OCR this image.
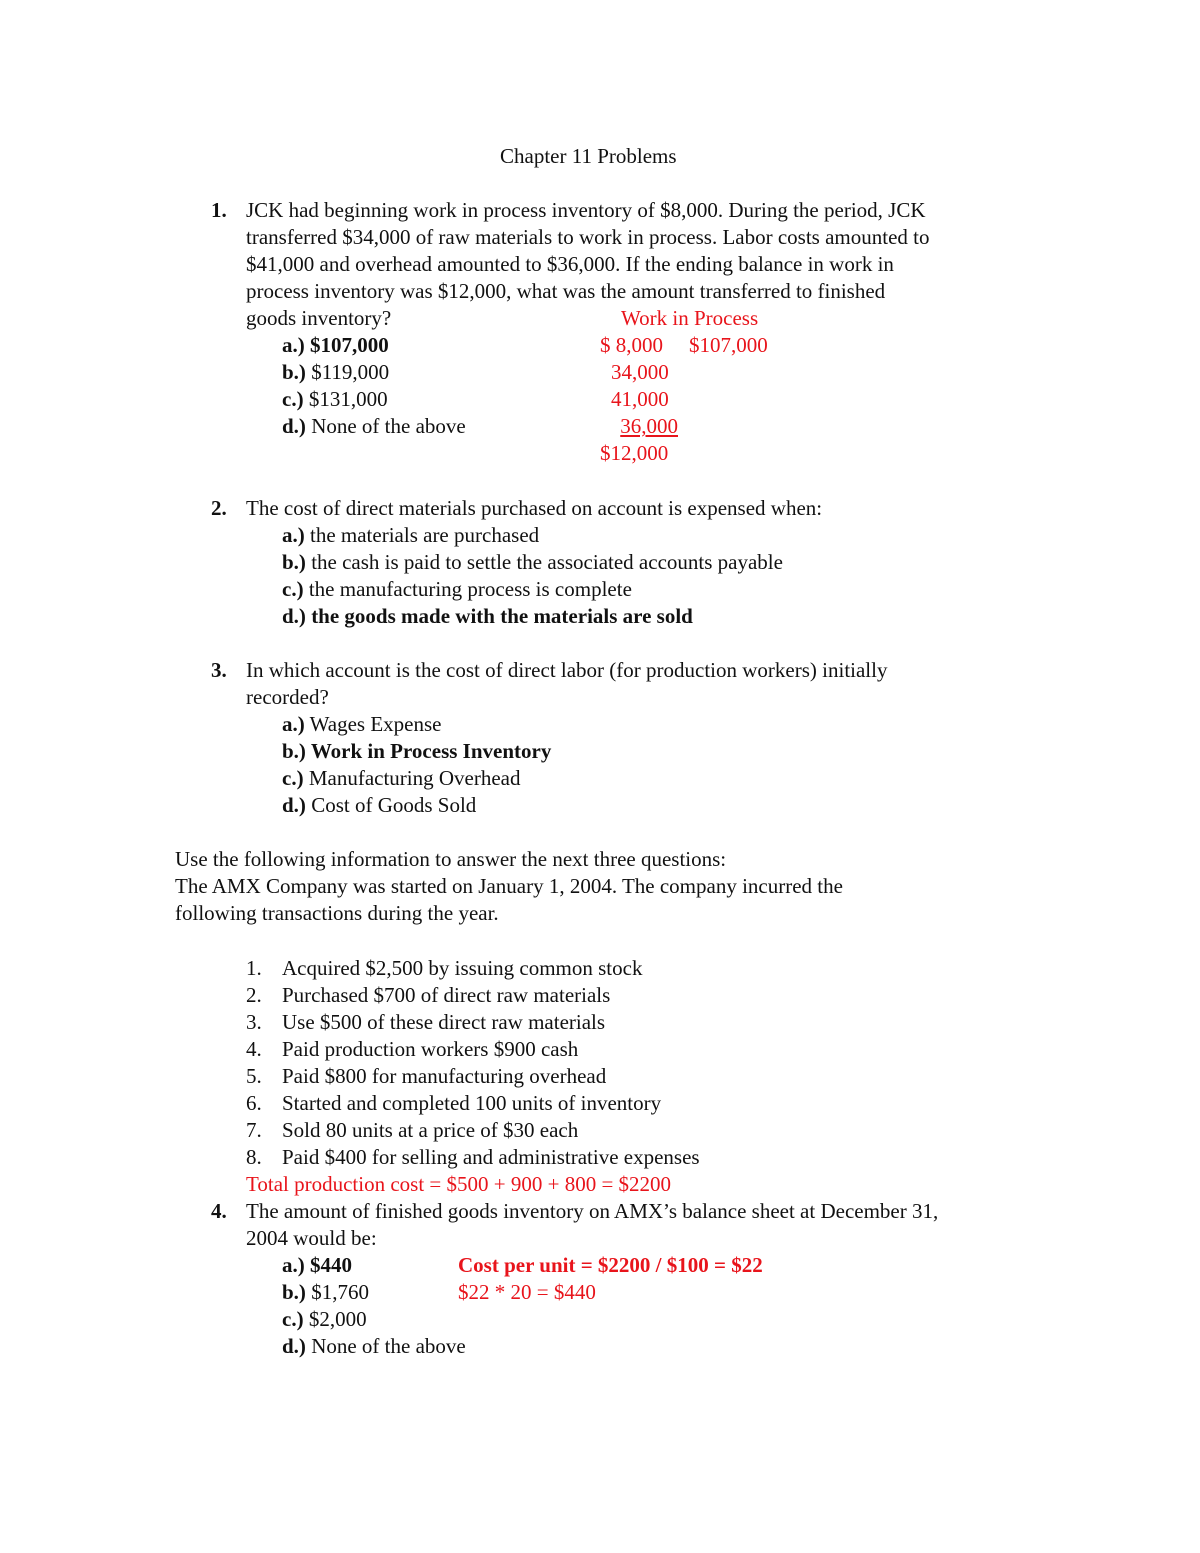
Chapter 11 Problems
1. JCK had beginning work in process inventory of $8,000. During the period, JCK
transferred $34,000 of raw materials to work in process. Labor costs amounted to
$41,000 and overhead amounted to $36,000. If the ending balance in work in
process inventory was $12,000, what was the amount transferred to finished
goods inventory?
a.) $107,000
b.) $119,000
c.) $131,000
d.) None of the above
Work in Process
$ 8,000 $107,000
34,000
41,000
36,000
$12,000
2. The cost of direct materials purchased on account is expensed when:
a.) the materials are purchased
b.) the cash is paid to settle the associated accounts payable
c.) the manufacturing process is complete
d.) the goods made with the materials are sold
3. In which account is the cost of direct labor (for production workers) initially
recorded?
a.) Wages Expense
b.) Work in Process Inventory
c.) Manufacturing Overhead
d.) Cost of Goods Sold
Use the following information to answer the next three questions:
The AMX Company was started on January 1, 2004. The company incurred the
following transactions during the year.
1. Acquired $2,500 by issuing common stock
2. Purchased $700 of direct raw materials
3. Use $500 of these direct raw materials
4. Paid production workers $900 cash
5. Paid $800 for manufacturing overhead
6. Started and completed 100 units of inventory
7. Sold 80 units at a price of $30 each
8. Paid $400 for selling and administrative expenses
Total production cost = $500 + 900 + 800 = $2200
4. The amount of finished goods inventory on AMX’s balance sheet at December 31,
2004 would be:
a.) $440
b.) $1,760
c.) $2,000
d.) None of the above
Cost per unit = $2200 / $100 = $22
$22 * 20 = $440
